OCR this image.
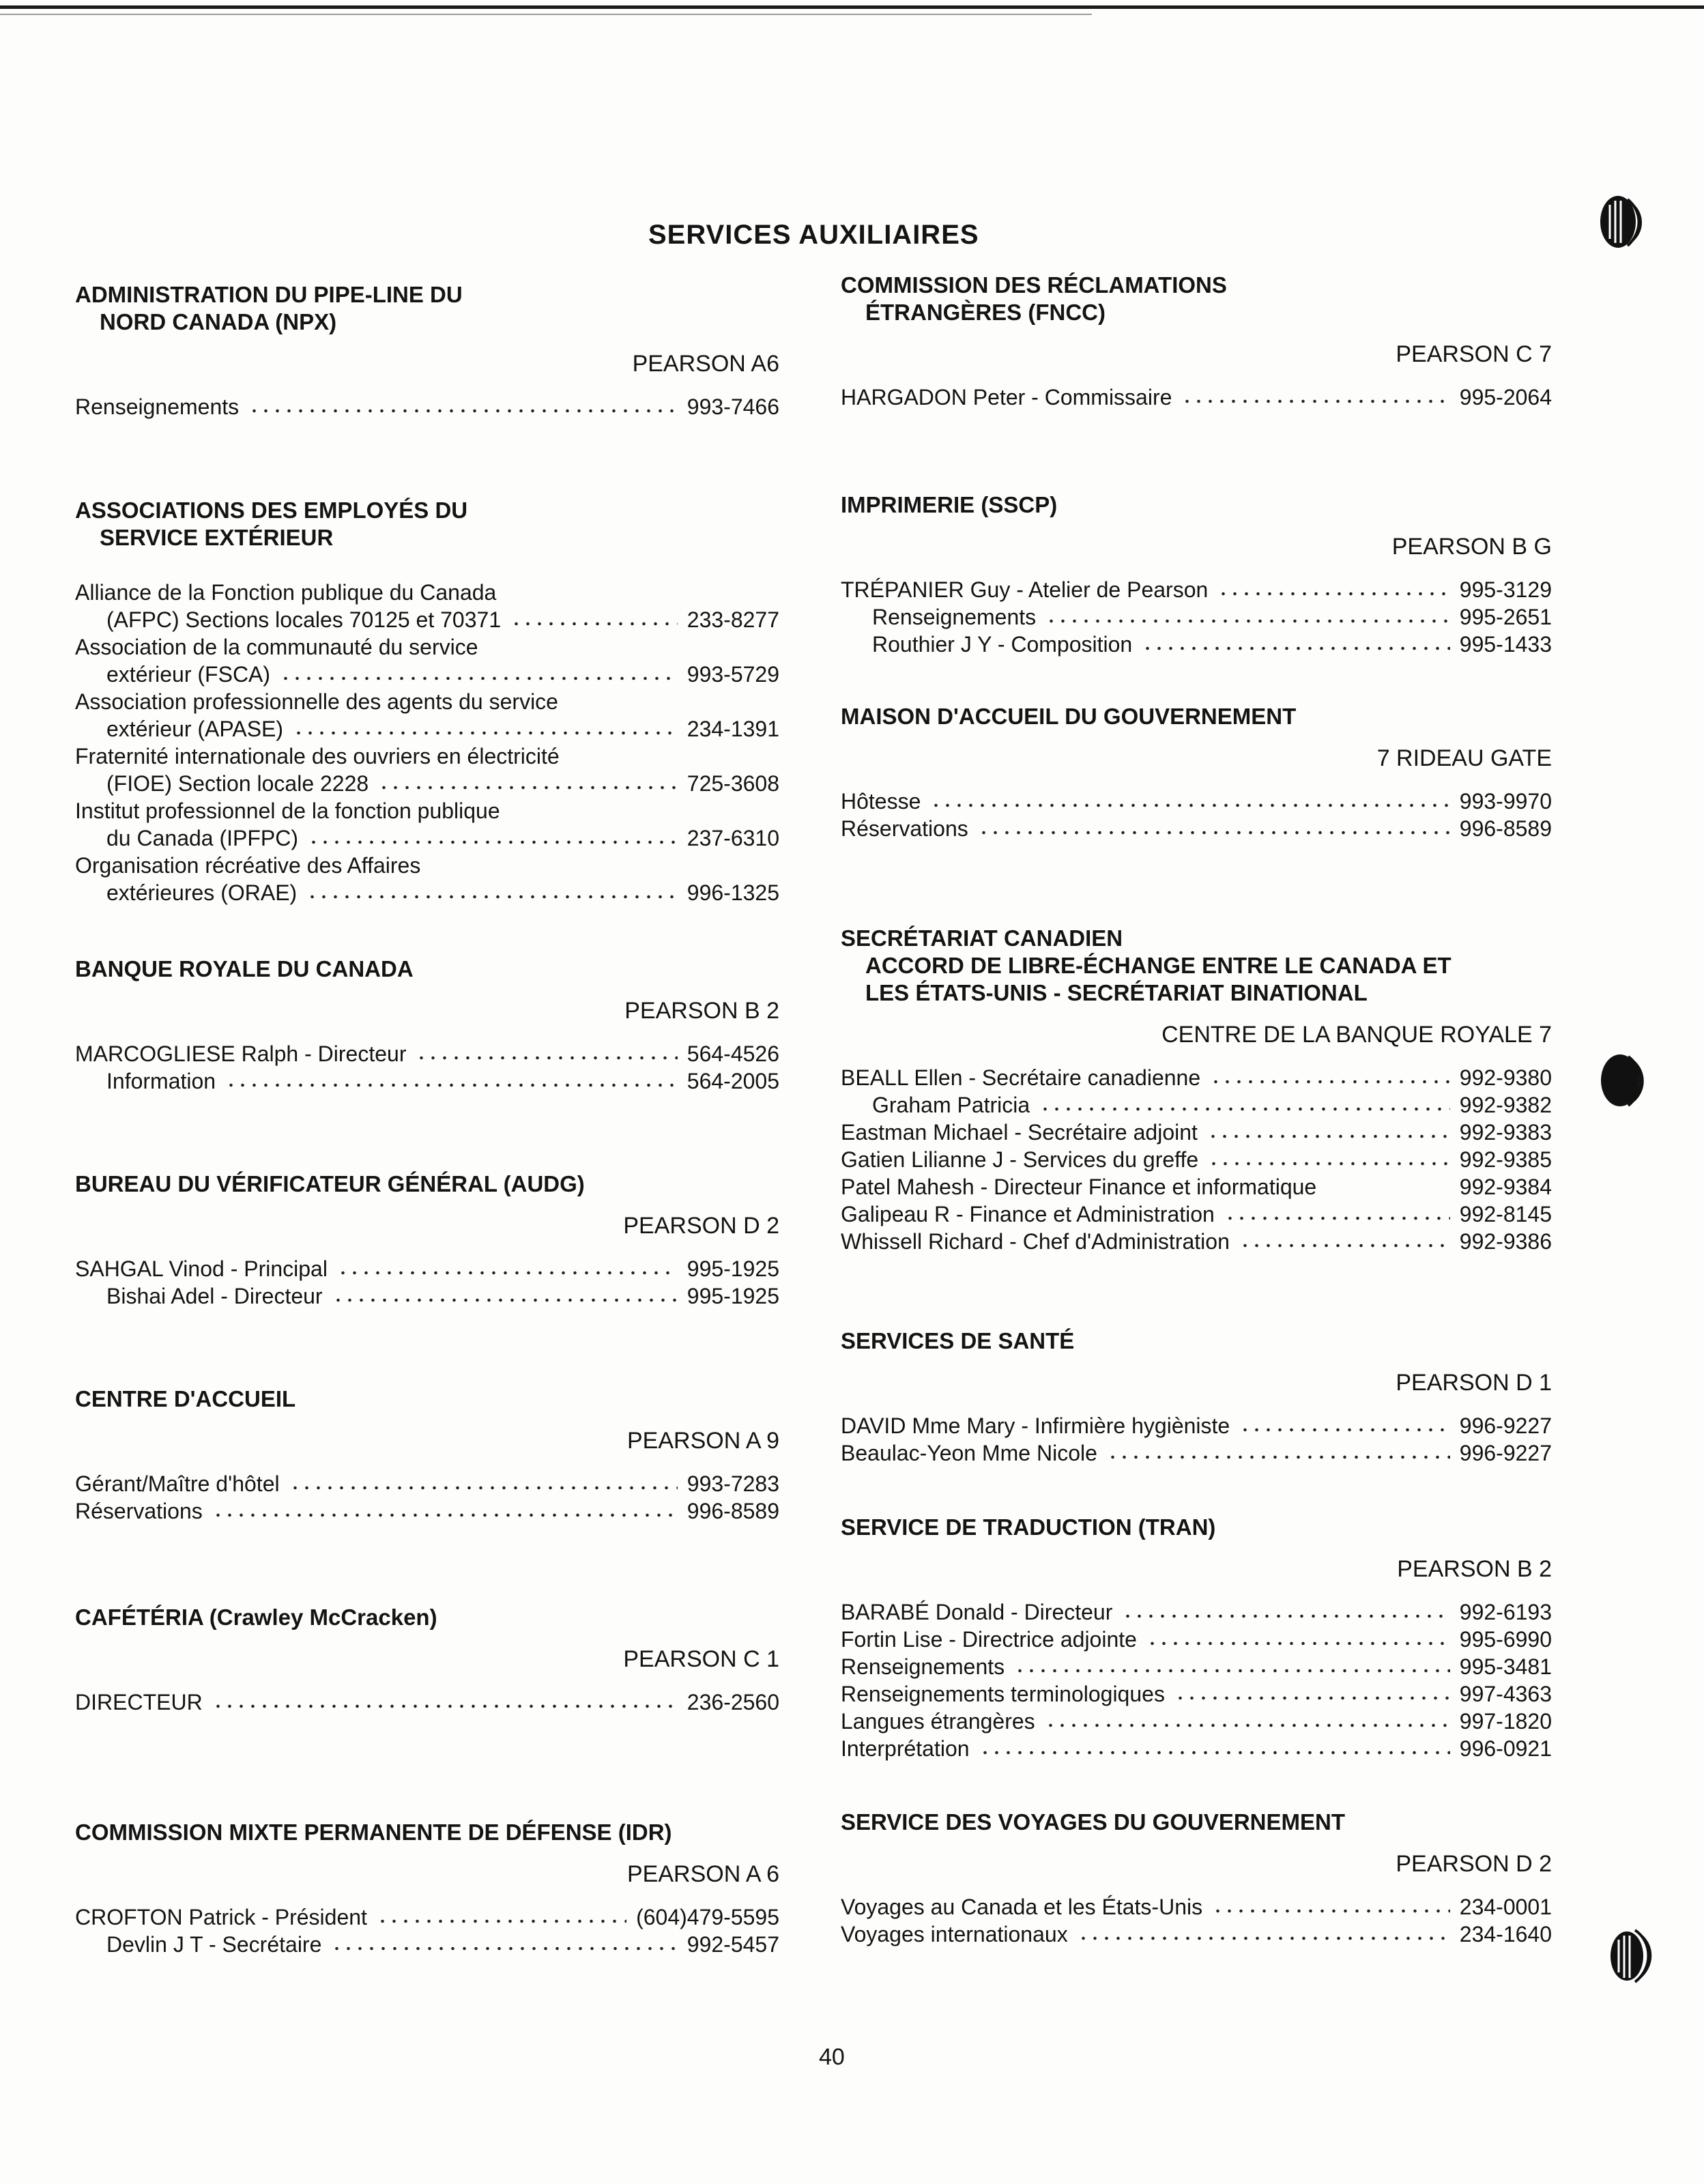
SERVICES AUXILIAIRES
ADMINISTRATION DU PIPE-LINE DU
NORD CANADA (NPX)
PEARSON A6
Renseignements	993-7466
ASSOCIATIONS DES EMPLOYÉS DU
SERVICE EXTÉRIEUR
Alliance de la Fonction publique du Canada
(AFPC) Sections locales 70125 et 70371	233-8277
Association de la communauté du service
extérieur (FSCA)	993-5729
Association professionnelle des agents du service
extérieur (APASE)	234-1391
Fraternité internationale des ouvriers en électricité
(FIOE) Section locale 2228	725-3608
Institut professionnel de la fonction publique
du Canada (IPFPC)	237-6310
Organisation récréative des Affaires
extérieures (ORAE)	996-1325
BANQUE ROYALE DU CANADA
PEARSON B 2
MARCOGLIESE Ralph - Directeur	564-4526
Information	564-2005
BUREAU DU VÉRIFICATEUR GÉNÉRAL (AUDG)
PEARSON D 2
SAHGAL Vinod - Principal	995-1925
Bishai Adel - Directeur	995-1925
CENTRE D'ACCUEIL
PEARSON A 9
Gérant/Maître d'hôtel	993-7283
Réservations	996-8589
CAFÉTÉRIA (Crawley McCracken)
PEARSON C 1
DIRECTEUR	236-2560
COMMISSION MIXTE PERMANENTE DE DÉFENSE (IDR)
PEARSON A 6
CROFTON Patrick - Président	(604)479-5595
Devlin J T - Secrétaire	992-5457
COMMISSION DES RÉCLAMATIONS
ÉTRANGÈRES (FNCC)
PEARSON C 7
HARGADON Peter - Commissaire	995-2064
IMPRIMERIE (SSCP)
PEARSON B G
TRÉPANIER Guy - Atelier de Pearson	995-3129
Renseignements	995-2651
Routhier J Y - Composition	995-1433
MAISON D'ACCUEIL DU GOUVERNEMENT
7 RIDEAU GATE
Hôtesse	993-9970
Réservations	996-8589
SECRÉTARIAT CANADIEN
ACCORD DE LIBRE-ÉCHANGE ENTRE LE CANADA ET
LES ÉTATS-UNIS - SECRÉTARIAT BINATIONAL
CENTRE DE LA BANQUE ROYALE 7
BEALL Ellen - Secrétaire canadienne	992-9380
Graham Patricia	992-9382
Eastman Michael - Secrétaire adjoint	992-9383
Gatien Lilianne J - Services du greffe	992-9385
Patel Mahesh - Directeur Finance et informatique	992-9384
Galipeau R - Finance et Administration	992-8145
Whissell Richard - Chef d'Administration	992-9386
SERVICES DE SANTÉ
PEARSON D 1
DAVID Mme Mary - Infirmière hygièniste	996-9227
Beaulac-Yeon Mme Nicole	996-9227
SERVICE DE TRADUCTION (TRAN)
PEARSON B 2
BARABÉ Donald - Directeur	992-6193
Fortin Lise - Directrice adjointe	995-6990
Renseignements	995-3481
Renseignements terminologiques	997-4363
Langues étrangères	997-1820
Interprétation	996-0921
SERVICE DES VOYAGES DU GOUVERNEMENT
PEARSON D 2
Voyages au Canada et les États-Unis	234-0001
Voyages internationaux	234-1640
40
